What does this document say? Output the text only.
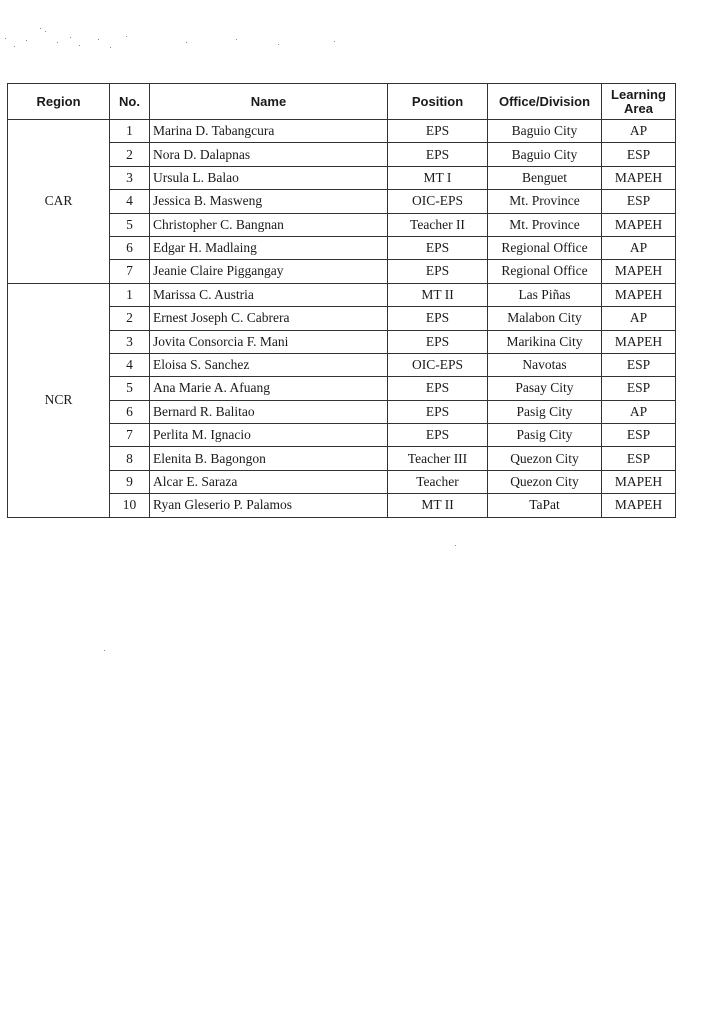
Region	No.	Name	Position	Office/Division	Learning Area
CAR	1	Marina D. Tabangcura	EPS	Baguio City	AP
	2	Nora D. Dalapnas	EPS	Baguio City	ESP
	3	Ursula L. Balao	MT I	Benguet	MAPEH
	4	Jessica B. Masweng	OIC-EPS	Mt. Province	ESP
	5	Christopher C. Bangnan	Teacher II	Mt. Province	MAPEH
	6	Edgar H. Madlaing	EPS	Regional Office	AP
	7	Jeanie Claire Piggangay	EPS	Regional Office	MAPEH
NCR	1	Marissa C. Austria	MT II	Las Piñas	MAPEH
	2	Ernest Joseph C. Cabrera	EPS	Malabon City	AP
	3	Jovita Consorcia F. Mani	EPS	Marikina City	MAPEH
	4	Eloisa S. Sanchez	OIC-EPS	Navotas	ESP
	5	Ana Marie A. Afuang	EPS	Pasay City	ESP
	6	Bernard R. Balitao	EPS	Pasig City	AP
	7	Perlita M. Ignacio	EPS	Pasig City	ESP
	8	Elenita B. Bagongon	Teacher III	Quezon City	ESP
	9	Alcar E. Saraza	Teacher	Quezon City	MAPEH
	10	Ryan Gleserio P. Palamos	MT II	TaPat	MAPEH
